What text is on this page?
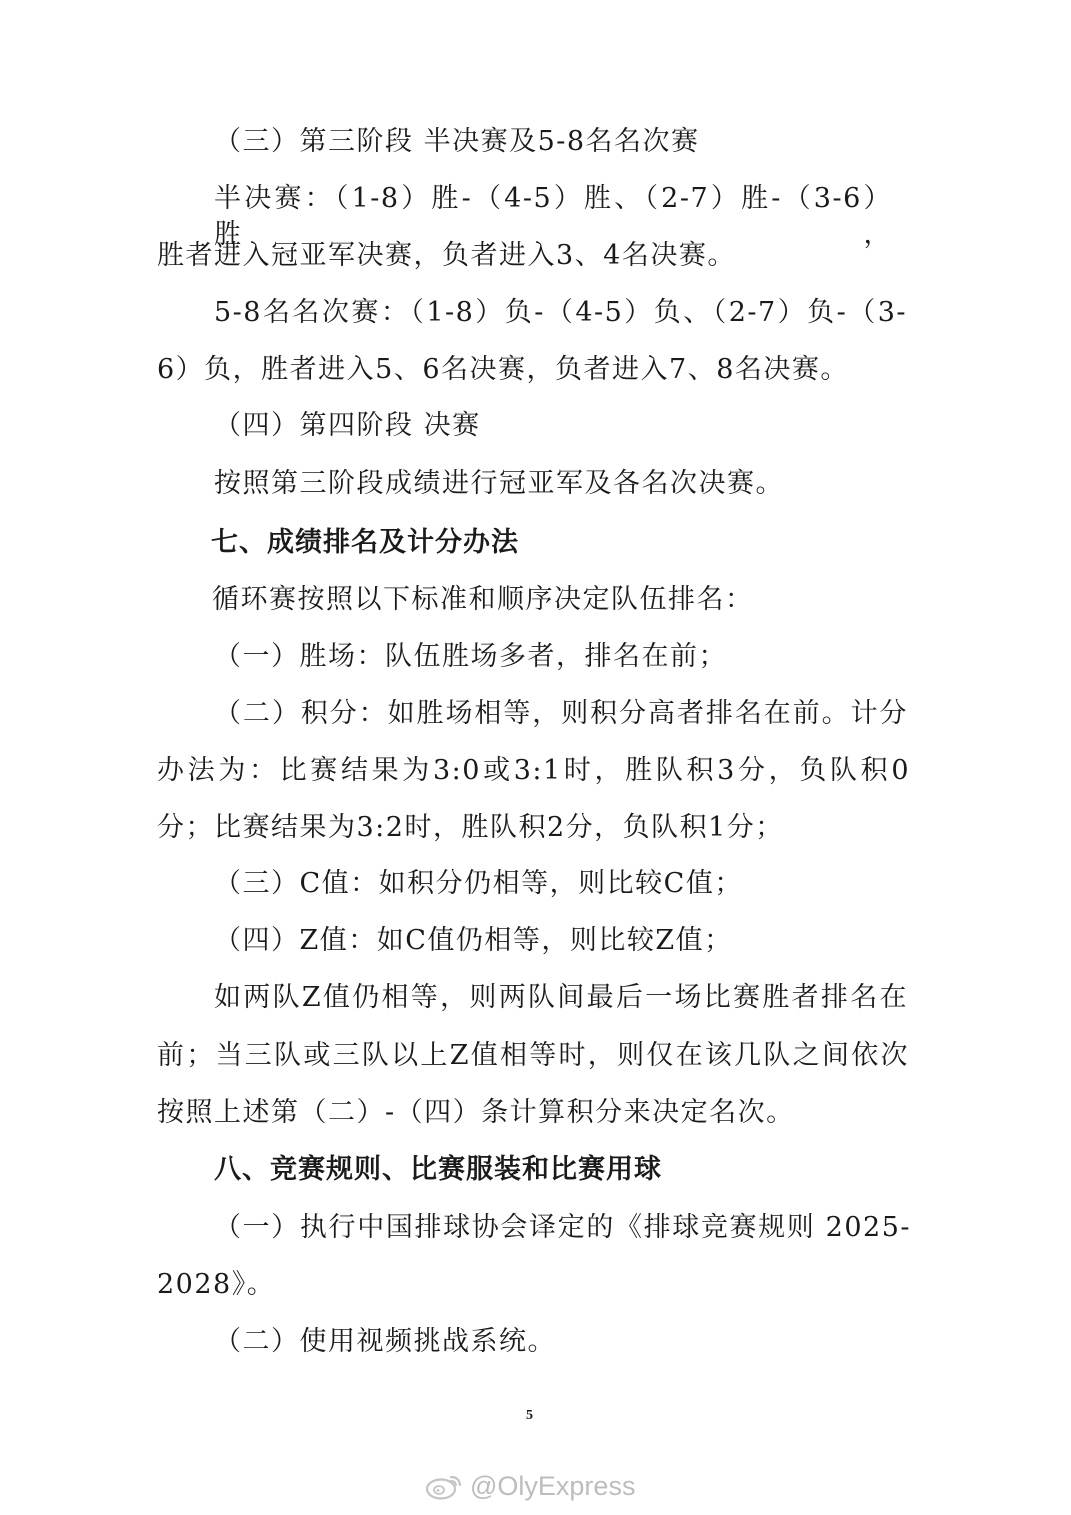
（三）第三阶段 半决赛及5-8名名次赛
半决赛：（1-8）胜-（4-5）胜、（2-7）胜-（3-6）胜，
胜者进入冠亚军决赛，负者进入3、4名决赛。
5-8名名次赛：（1-8）负-（4-5）负、（2-7）负-（3-
6）负，胜者进入5、6名决赛，负者进入7、8名决赛。
（四）第四阶段 决赛
按照第三阶段成绩进行冠亚军及各名次决赛。
七、成绩排名及计分办法
循环赛按照以下标准和顺序决定队伍排名：
（一）胜场：队伍胜场多者，排名在前；
（二）积分：如胜场相等，则积分高者排名在前。计分
办法为：比赛结果为3:0或3:1时，胜队积3分，负队积0
分；比赛结果为3:2时，胜队积2分，负队积1分；
（三）C值：如积分仍相等，则比较C值；
（四）Z值：如C值仍相等，则比较Z值；
如两队Z值仍相等，则两队间最后一场比赛胜者排名在
前；当三队或三队以上Z值相等时，则仅在该几队之间依次
按照上述第（二）-（四）条计算积分来决定名次。
八、竞赛规则、比赛服装和比赛用球
（一）执行中国排球协会译定的《排球竞赛规则 2025-
2028》。
（二）使用视频挑战系统。
5
@OlyExpress
